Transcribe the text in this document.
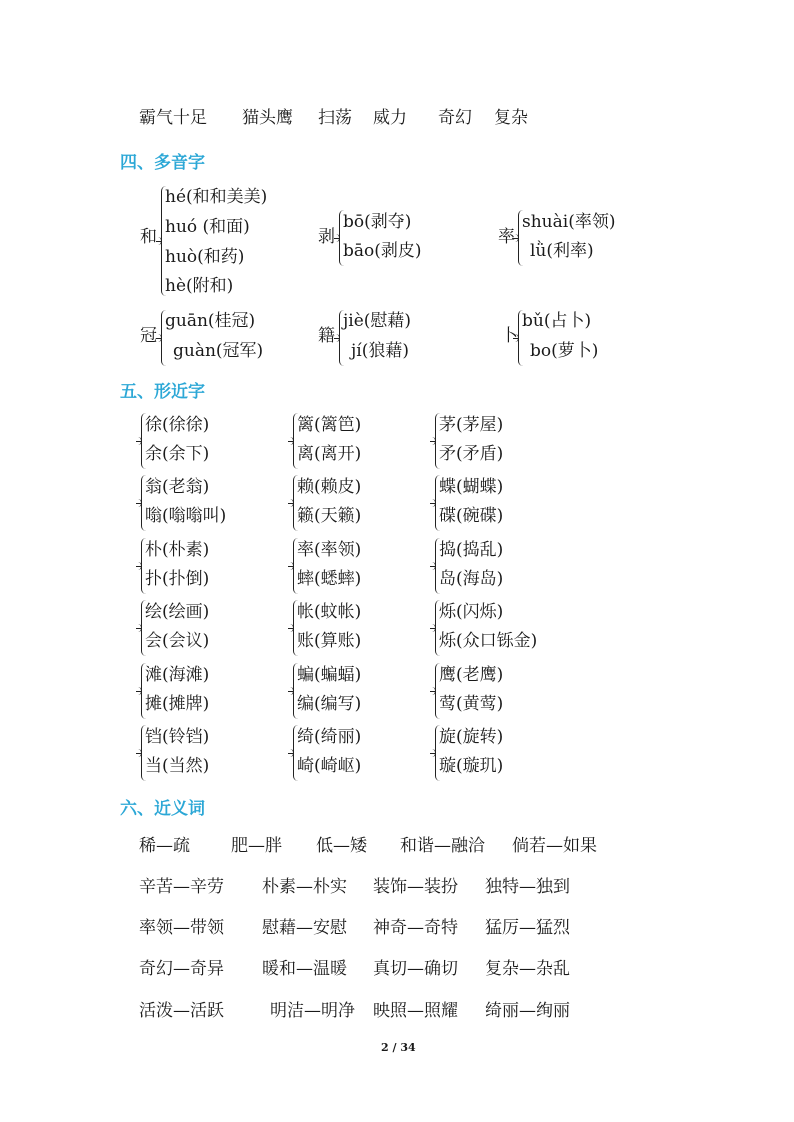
霸气十足 猫头鹰 扫荡 威力 奇幻 复杂
四、多音字
和
hé(和和美美)
huó (和面)
huò(和药)
hè(附和)
剥
bō(剥夺)
bāo(剥皮)
率
shuài(率领)
lǜ(利率)
冠
guān(桂冠)
guàn(冠军)
籍
jiè(慰藉)
jí(狼藉)
卜
bǔ(占卜)
bo(萝卜)
五、形近字
徐(徐徐)
余(余下)
篱(篱笆)
离(离开)
茅(茅屋)
矛(矛盾)
翁(老翁)
嗡(嗡嗡叫)
赖(赖皮)
籁(天籁)
蝶(蝴蝶)
碟(碗碟)
朴(朴素)
扑(扑倒)
率(率领)
蟀(蟋蟀)
捣(捣乱)
岛(海岛)
绘(绘画)
会(会议)
帐(蚊帐)
账(算账)
烁(闪烁)
烁(众口铄金)
滩(海滩)
摊(摊牌)
蝙(蝙蝠)
编(编写)
鹰(老鹰)
莺(黄莺)
铛(铃铛)
当(当然)
绮(绮丽)
崎(崎岖)
旋(旋转)
璇(璇玑)
六、近义词
稀—疏 肥—胖 低—矮 和谐—融洽 倘若—如果
辛苦—辛劳 朴素—朴实 装饰—装扮 独特—独到
率领—带领 慰藉—安慰 神奇—奇特 猛厉—猛烈
奇幻—奇异 暖和—温暖 真切—确切 复杂—杂乱
活泼—活跃	明洁—明净 映照—照耀 绮丽—绚丽
2 / 34
